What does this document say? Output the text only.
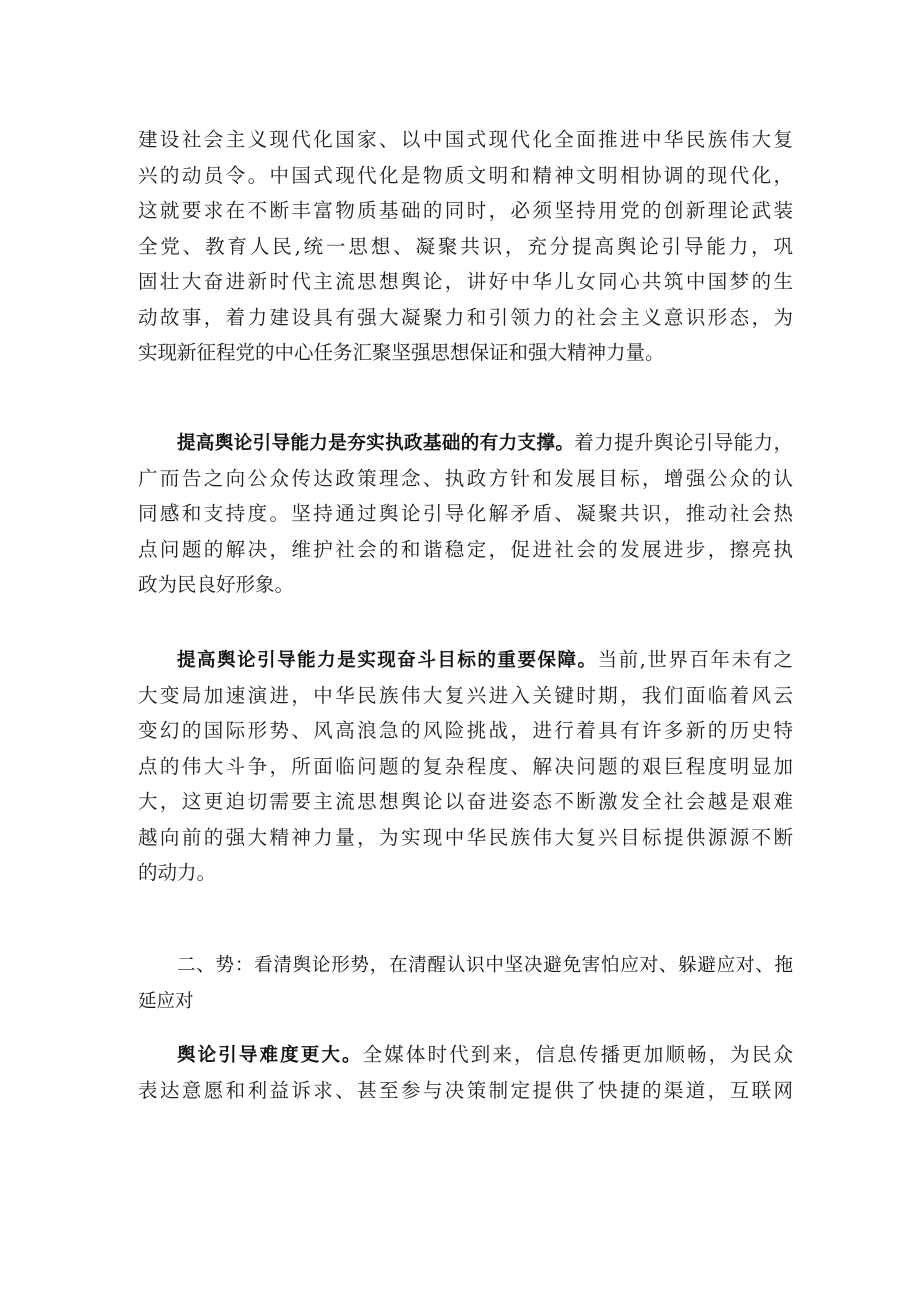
建设社会主义现代化国家、以中国式现代化全面推进中华民族伟大复
兴的动员令。中国式现代化是物质文明和精神文明相协调的现代化，
这就要求在不断丰富物质基础的同时，必须坚持用党的创新理论武装
全党、教育人民,统一思想、凝聚共识，充分提高舆论引导能力，巩
固壮大奋进新时代主流思想舆论，讲好中华儿女同心共筑中国梦的生
动故事，着力建设具有强大凝聚力和引领力的社会主义意识形态，为
实现新征程党的中心任务汇聚坚强思想保证和强大精神力量。
提高舆论引导能力是夯实执政基础的有力支撑。着力提升舆论引导能力，
广而告之向公众传达政策理念、执政方针和发展目标，增强公众的认
同感和支持度。坚持通过舆论引导化解矛盾、凝聚共识，推动社会热
点问题的解决，维护社会的和谐稳定，促进社会的发展进步，擦亮执
政为民良好形象。
提高舆论引导能力是实现奋斗目标的重要保障。当前,世界百年未有之
大变局加速演进，中华民族伟大复兴进入关键时期，我们面临着风云
变幻的国际形势、风高浪急的风险挑战，进行着具有许多新的历史特
点的伟大斗争，所面临问题的复杂程度、解决问题的艰巨程度明显加
大，这更迫切需要主流思想舆论以奋进姿态不断激发全社会越是艰难
越向前的强大精神力量，为实现中华民族伟大复兴目标提供源源不断
的动力。
二、势：看清舆论形势，在清醒认识中坚决避免害怕应对、躲避应对、拖
延应对
舆论引导难度更大。全媒体时代到来，信息传播更加顺畅，为民众
表达意愿和利益诉求、甚至参与决策制定提供了快捷的渠道，互联网
